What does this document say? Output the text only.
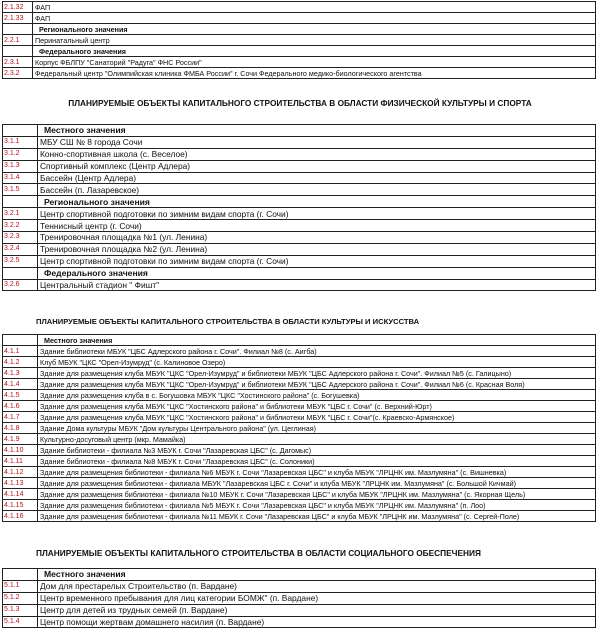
2.1.32	ФАП
2.1.33	ФАП
	Регионального значения
2.2.1	Перинатальный центр
	Федерального значения
2.3.1	Корпус ФБЛПУ "Санаторий "Радуга" ФНС России"
2.3.2	Федеральный центр "Олимпийская клиника ФМБА России" г. Сочи Федерального медико-биологического агентства
ПЛАНИРУЕМЫЕ ОБЪЕКТЫ КАПИТАЛЬНОГО СТРОИТЕЛЬСТВА В ОБЛАСТИ ФИЗИЧЕСКОЙ КУЛЬТУРЫ И СПОРТА
	Местного значения
3.1.1	МБУ СШ № 8 города Сочи
3.1.2	Конно-спортивная школа (с. Веселое)
3.1.3	Спортивный комплекс (Центр Адлера)
3.1.4	Бассейн (Центр Адлера)
3.1.5	Бассейн (п. Лазаревское)
	Регионального значения
3.2.1	Центр спортивной подготовки по зимним видам спорта (г. Сочи)
3.2.2	Теннисный центр (г. Сочи)
3.2.3	Тренировочная площадка №1 (ул. Ленина)
3.2.4	Тренировочная площадка №2 (ул. Ленина)
3.2.5	Центр спортивной подготовки по зимним видам спорта (г. Сочи)
	Федерального значения
3.2.6	Центральный стадион " Фишт"
ПЛАНИРУЕМЫЕ ОБЪЕКТЫ КАПИТАЛЬНОГО СТРОИТЕЛЬСТВА В ОБЛАСТИ КУЛЬТУРЫ И ИСКУССТВА
	Местного значения
4.1.1	Здание библиотеки МБУК "ЦБС Адлерского района г. Сочи". Филиал №8 (с. Аигба)
4.1.2	Клуб МБУК "ЦКС "Орел-Изумруд" (с. Калиновое Озеро)
4.1.3	Здание для размещения клуба МБУК "ЦКС "Орел-Изумруд" и библиотеки МБУК "ЦБС Адлерского района г. Сочи". Филиал №5 (с. Галицыно)
4.1.4	Здание для размещения клуба МБУК "ЦКС "Орел-Изумруд" и библиотеки МБУК "ЦБС Адлерского района г. Сочи". Филиал №6 (с. Красная Воля)
4.1.5	Здание для размещения клуба в с. Богушовка МБУК "ЦКС "Хостинского района" (с. Богушевка)
4.1.6	Здание для размещения клуба МБУК "ЦКС "Хостинского района" и библиотеки МБУК "ЦБС г. Сочи" (с. Верхний-Юрт)
4.1.7	Здание для размещения клуба МБУК "ЦКС "Хостинского района" и библиотеки МБУК "ЦБС г. Сочи"(с. Краевско-Армянское)
4.1.8	Здание Дома культуры МБУК "Дом культуры Центрального района" (ул. Цеглиная)
4.1.9	Культурно-досуговый центр (мкр. Мамайка)
4.1.10	Здание библиотеки - филиала №3 МБУК г. Сочи "Лазаревская ЦБС" (с. Дагомыс)
4.1.11	Здание библиотеки - филиала №8 МБУК г. Сочи "Лазаревская ЦБС" (с. Солоники)
4.1.12	Здание для размещения библиотеки - филиала №6 МБУК г. Сочи "Лазаревская ЦБС" и клуба МБУК "ЛРЦНК им. Мазлумяна" (с. Вишневка)
4.1.13	Здание для размещения библиотеки - филиала МБУК "Лазаревская ЦБС г. Сочи" и клуба МБУК "ЛРЦНК им. Мазлумяна" (с. Большой Кичмай)
4.1.14	Здание для размещения библиотеки - филиала №10 МБУК г. Сочи "Лазаревская ЦБС" и клуба МБУК "ЛРЦНК им. Мазлумяна" (с. Якорная Щель)
4.1.15	Здание для размещения библиотеки - филиала №5 МБУК г. Сочи "Лазаревская ЦБС" и клуба МБУК "ЛРЦНК им. Мазлумяна" (п. Лоо)
4.1.16	Здание для размещения библиотеки - филиала №11 МБУК г. Сочи "Лазаревская ЦБС" и клуба МБУК "ЛРЦНК им. Мазлумяна" (с. Сергей-Поле)
ПЛАНИРУЕМЫЕ ОБЪЕКТЫ КАПИТАЛЬНОГО СТРОИТЕЛЬСТВА В ОБЛАСТИ СОЦИАЛЬНОГО ОБЕСПЕЧЕНИЯ
	Местного значения
5.1.1	Дом для престарелых Строительство (п. Вардане)
5.1.2	Центр временного пребывания для лиц категории БОМЖ" (п. Вардане)
5.1.3	Центр для детей из трудных семей (п. Вардане)
5.1.4	Центр помощи жертвам домашнего насилия (п. Вардане)
